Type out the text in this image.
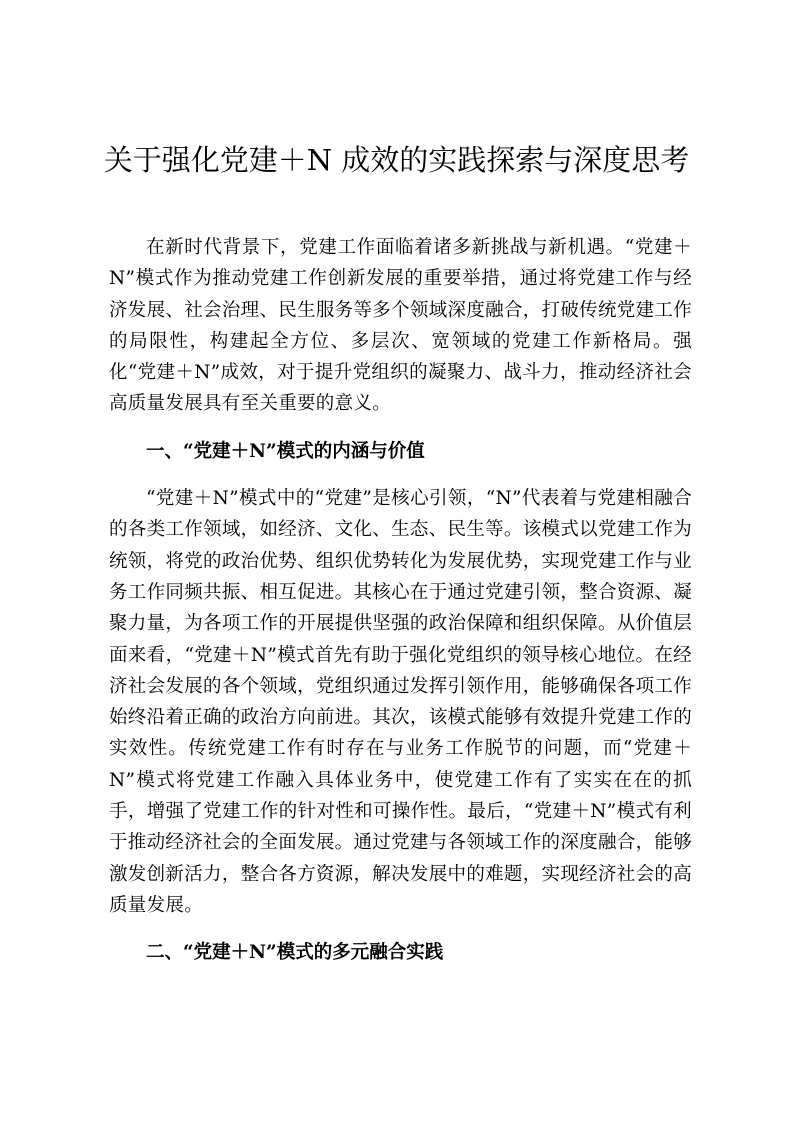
关于强化党建＋N 成效的实践探索与深度思考

在新时代背景下，党建工作面临着诸多新挑战与新机遇。“党建＋N”模式作为推动党建工作创新发展的重要举措，通过将党建工作与经济发展、社会治理、民生服务等多个领域深度融合，打破传统党建工作的局限性，构建起全方位、多层次、宽领域的党建工作新格局。强化“党建＋N”成效，对于提升党组织的凝聚力、战斗力，推动经济社会高质量发展具有至关重要的意义。

一、“党建＋N”模式的内涵与价值

“党建＋N”模式中的“党建”是核心引领，“N”代表着与党建相融合的各类工作领域，如经济、文化、生态、民生等。该模式以党建工作为统领，将党的政治优势、组织优势转化为发展优势，实现党建工作与业务工作同频共振、相互促进。其核心在于通过党建引领，整合资源、凝聚力量，为各项工作的开展提供坚强的政治保障和组织保障。从价值层面来看，“党建＋N”模式首先有助于强化党组织的领导核心地位。在经济社会发展的各个领域，党组织通过发挥引领作用，能够确保各项工作始终沿着正确的政治方向前进。其次，该模式能够有效提升党建工作的实效性。传统党建工作有时存在与业务工作脱节的问题，而“党建＋N”模式将党建工作融入具体业务中，使党建工作有了实实在在的抓手，增强了党建工作的针对性和可操作性。最后，“党建＋N”模式有利于推动经济社会的全面发展。通过党建与各领域工作的深度融合，能够激发创新活力，整合各方资源，解决发展中的难题，实现经济社会的高质量发展。

二、“党建＋N”模式的多元融合实践
